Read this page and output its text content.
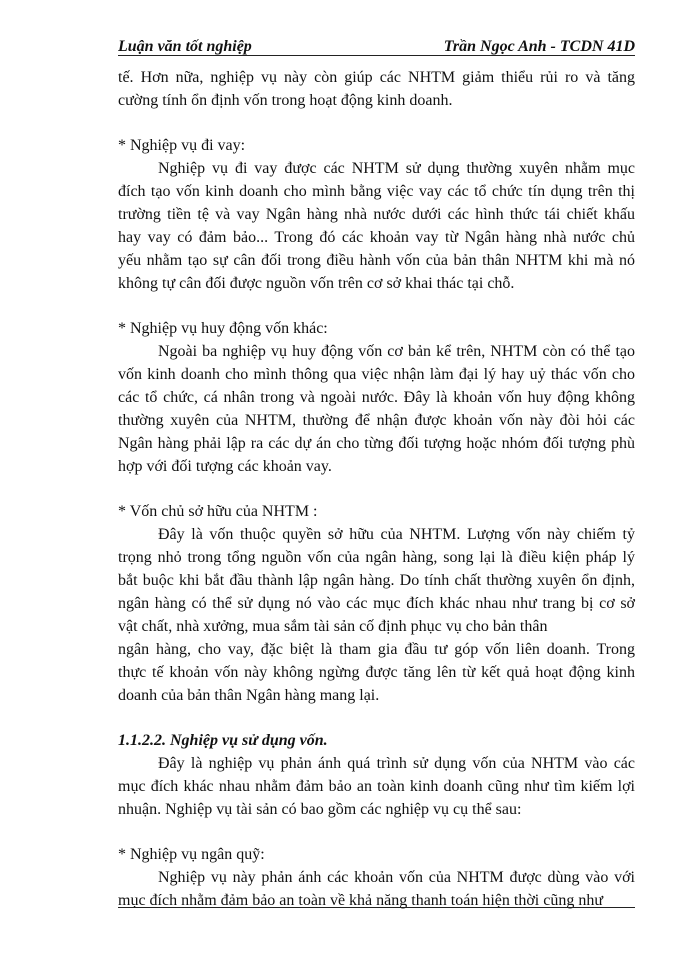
Luận văn tốt nghiệp	Trần Ngọc Anh - TCDN 41D
tế. Hơn nữa, nghiệp vụ này còn giúp các NHTM giảm thiểu rủi ro và tăng
cường tính ổn định vốn trong hoạt động kinh doanh.
* Nghiệp vụ đi vay:
Nghiệp vụ đi vay được các NHTM sử dụng thường xuyên nhằm mục
đích tạo vốn kinh doanh cho mình bằng việc vay các tổ chức tín dụng trên thị
trường tiền tệ và vay Ngân hàng nhà nước dưới các hình thức tái chiết khấu
hay vay có đảm bảo... Trong đó các khoản vay từ Ngân hàng nhà nước chủ
yếu nhằm tạo sự cân đối trong điều hành vốn của bản thân NHTM khi mà nó
không tự cân đối được nguồn vốn trên cơ sở khai thác tại chỗ.
* Nghiệp vụ huy động vốn khác:
Ngoài ba nghiệp vụ huy động vốn cơ bản kể trên, NHTM còn có thể tạo
vốn kinh doanh cho mình thông qua việc nhận làm đại lý hay uỷ thác vốn cho
các tổ chức, cá nhân trong và ngoài nước. Đây là khoản vốn huy động không
thường xuyên của NHTM, thường để nhận được khoản vốn này đòi hỏi các
Ngân hàng phải lập ra các dự án cho từng đối tượng hoặc nhóm đối tượng phù
hợp với đối tượng các khoản vay.
* Vốn chủ sở hữu của NHTM :
Đây là vốn thuộc quyền sở hữu của NHTM. Lượng vốn này chiếm tỷ
trọng nhỏ trong tổng nguồn vốn của ngân hàng, song lại là điều kiện pháp lý
bắt buộc khi bắt đầu thành lập ngân hàng. Do tính chất thường xuyên ổn định,
ngân hàng có thể sử dụng nó vào các mục đích khác nhau như trang bị cơ sở
vật chất, nhà xưởng, mua sắm tài sản cố định phục vụ cho bản thân
ngân hàng, cho vay, đặc biệt là tham gia đầu tư góp vốn liên doanh. Trong
thực tế khoản vốn này không ngừng được tăng lên từ kết quả hoạt động kinh
doanh của bản thân Ngân hàng mang lại.
1.1.2.2. Nghiệp vụ sử dụng vốn.
Đây là nghiệp vụ phản ánh quá trình sử dụng vốn của NHTM vào các
mục đích khác nhau nhằm đảm bảo an toàn kinh doanh cũng như tìm kiếm lợi
nhuận. Nghiệp vụ tài sản có bao gồm các nghiệp vụ cụ thể sau:
* Nghiệp vụ ngân quỹ:
Nghiệp vụ này phản ánh các khoản vốn của NHTM được dùng vào với
mục đích nhằm đảm bảo an toàn về khả năng thanh toán hiện thời cũng như
